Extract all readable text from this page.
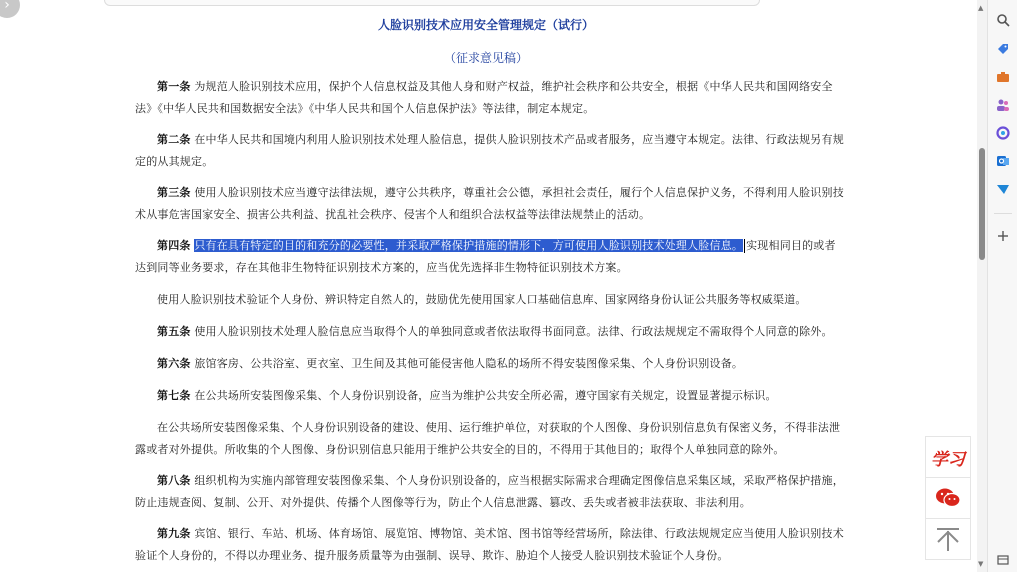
›
人脸识别技术应用安全管理规定（试行）
（征求意见稿）
第一条 为规范人脸识别技术应用，保护个人信息权益及其他人身和财产权益，维护社会秩序和公共安全，根据《中华人民共和国网络安全法》《中华人民共和国数据安全法》《中华人民共和国个人信息保护法》等法律，制定本规定。
第二条 在中华人民共和国境内利用人脸识别技术处理人脸信息，提供人脸识别技术产品或者服务，应当遵守本规定。法律、行政法规另有规定的从其规定。
第三条 使用人脸识别技术应当遵守法律法规，遵守公共秩序，尊重社会公德，承担社会责任，履行个人信息保护义务，不得利用人脸识别技术从事危害国家安全、损害公共利益、扰乱社会秩序、侵害个人和组织合法权益等法律法规禁止的活动。
第四条 只有在具有特定的目的和充分的必要性，并采取严格保护措施的情形下，方可使用人脸识别技术处理人脸信息。 实现相同目的或者达到同等业务要求，存在其他非生物特征识别技术方案的，应当优先选择非生物特征识别技术方案。
使用人脸识别技术验证个人身份、辨识特定自然人的，鼓励优先使用国家人口基础信息库、国家网络身份认证公共服务等权威渠道。
第五条 使用人脸识别技术处理人脸信息应当取得个人的单独同意或者依法取得书面同意。法律、行政法规规定不需取得个人同意的除外。
第六条 旅馆客房、公共浴室、更衣室、卫生间及其他可能侵害他人隐私的场所不得安装图像采集、个人身份识别设备。
第七条 在公共场所安装图像采集、个人身份识别设备，应当为维护公共安全所必需，遵守国家有关规定，设置显著提示标识。
在公共场所安装图像采集、个人身份识别设备的建设、使用、运行维护单位，对获取的个人图像、身份识别信息负有保密义务，不得非法泄露或者对外提供。所收集的个人图像、身份识别信息只能用于维护公共安全的目的，不得用于其他目的；取得个人单独同意的除外。
第八条 组织机构为实施内部管理安装图像采集、个人身份识别设备的，应当根据实际需求合理确定图像信息采集区域，采取严格保护措施，防止违规查阅、复制、公开、对外提供、传播个人图像等行为，防止个人信息泄露、篡改、丢失或者被非法获取、非法利用。
第九条 宾馆、银行、车站、机场、体育场馆、展览馆、博物馆、美术馆、图书馆等经营场所，除法律、行政法规规定应当使用人脸识别技术验证个人身份的，不得以办理业务、提升服务质量等为由强制、误导、欺诈、胁迫个人接受人脸识别技术验证个人身份。
学习
▲
▼
